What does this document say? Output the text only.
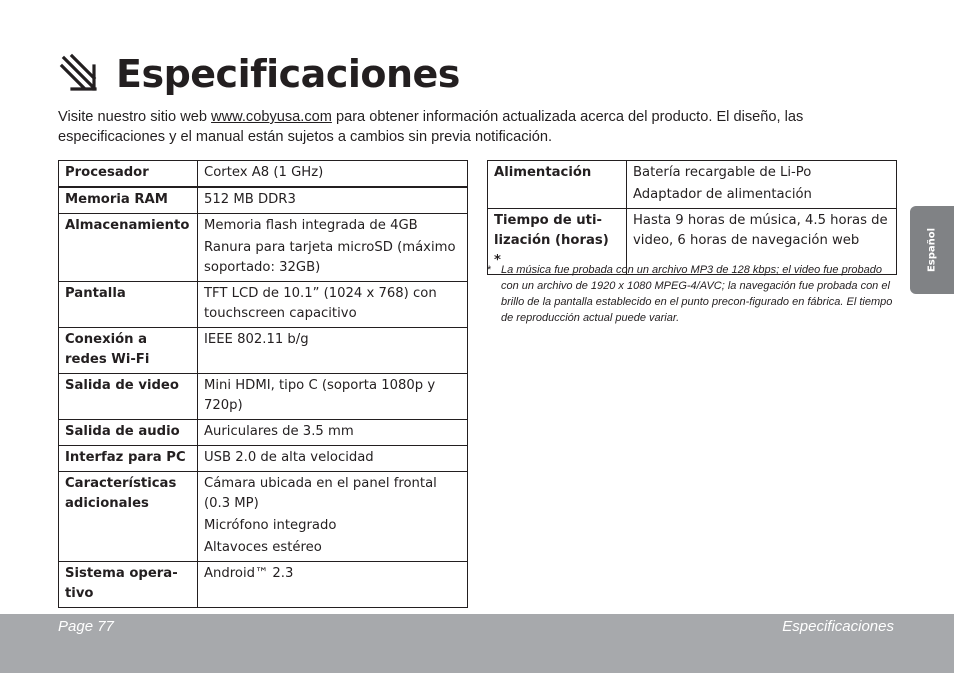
Especificaciones

Visite nuestro sitio web www.cobyusa.com para obtener información actualizada acerca del producto. El diseño, las especificaciones y el manual están sujetos a cambios sin previa notificación.

Procesador	Cortex A8 (1 GHz)

Memoria RAM	512 MB DDR3

Almacenamiento	Memoria flash integrada de 4GB
Ranura para tarjeta microSD (máximo soportado: 32GB)

Pantalla	TFT LCD de 10.1” (1024 x 768) con touchscreen capacitivo

Conexión a redes Wi-Fi	IEEE 802.11 b/g

Salida de video	Mini HDMI, tipo C (soporta 1080p y 720p)

Salida de audio	Auriculares de 3.5 mm

Interfaz para PC	USB 2.0 de alta velocidad

Características adicionales	Cámara ubicada en el panel frontal (0.3 MP)
Micrófono integrado
Altavoces estéreo

Sistema opera-tivo	Android™ 2.3
Alimentación	Batería recargable de Li-Po
Adaptador de alimentación

Tiempo de uti-lización (horas) *	Hasta 9 horas de música, 4.5 horas de video, 6 horas de navegación web
* La música fue probada con un archivo MP3 de 128 kbps; el video fue probado con un archivo de 1920 x 1080 MPEG-4/AVC; la navegación fue probada con el brillo de la pantalla establecido en el punto precon-figurado en fábrica. El tiempo de reproducción actual puede variar.
Español
Page 77	Especificaciones
